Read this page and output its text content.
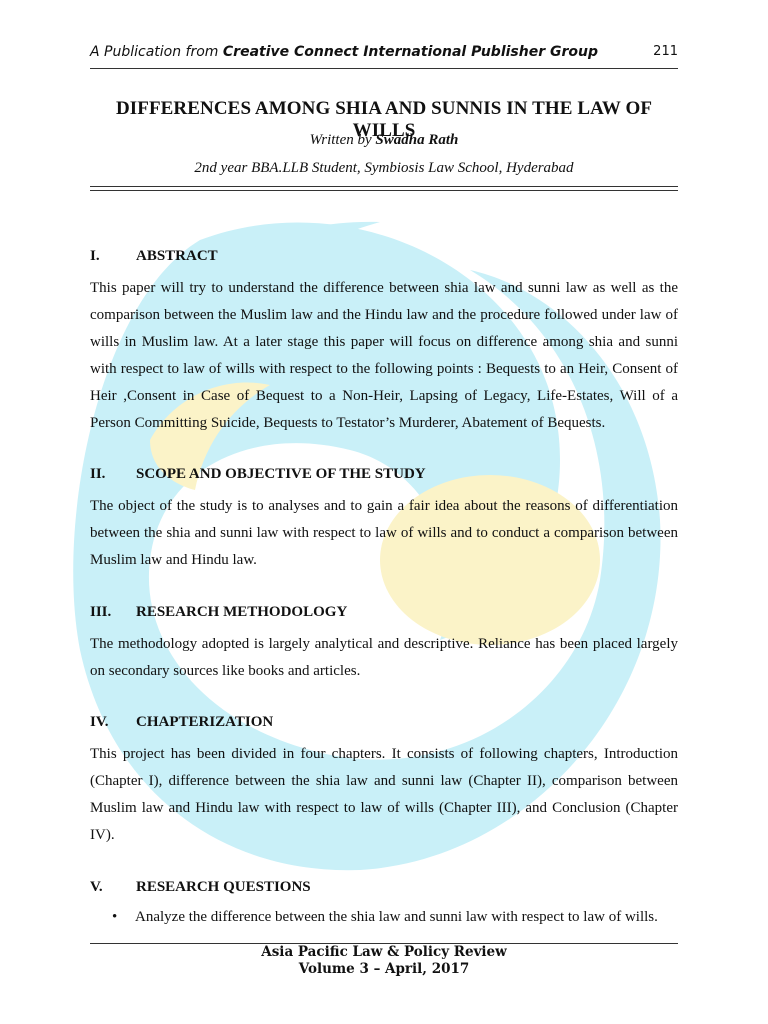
A Publication from Creative Connect International Publisher Group	211
DIFFERENCES AMONG SHIA AND SUNNIS IN THE LAW OF WILLS
Written by Swadha Rath
2nd year BBA.LLB Student, Symbiosis Law School, Hyderabad
I.	ABSTRACT
This paper will try to understand the difference between shia law and sunni law as well as the comparison between the Muslim law and the Hindu law and the procedure followed under law of wills in Muslim law. At a later stage this paper will focus on difference among shia and sunni with respect to law of wills with respect to the following points : Bequests to an Heir, Consent of Heir ,Consent in Case of Bequest to a Non-Heir, Lapsing of Legacy, Life-Estates, Will of a Person Committing Suicide, Bequests to Testator’s Murderer, Abatement of Bequests.
II.	SCOPE AND OBJECTIVE OF THE STUDY
The object of the study is to analyses and to gain a fair idea about the reasons of differentiation between the shia and sunni law with respect to law of wills and to conduct a comparison between Muslim law and Hindu law.
III.	RESEARCH METHODOLOGY
The methodology adopted is largely analytical and descriptive. Reliance has been placed largely on secondary sources like books and articles.
IV.	CHAPTERIZATION
This project has been divided in four chapters. It consists of following chapters, Introduction (Chapter I), difference between the shia law and sunni law (Chapter II), comparison between Muslim law and Hindu law with respect to law of wills (Chapter III), and Conclusion (Chapter IV).
V.	RESEARCH QUESTIONS
•	Analyze the difference between the shia law and sunni law with respect to law of wills.
Asia Pacific Law & Policy Review
Volume 3 – April, 2017
